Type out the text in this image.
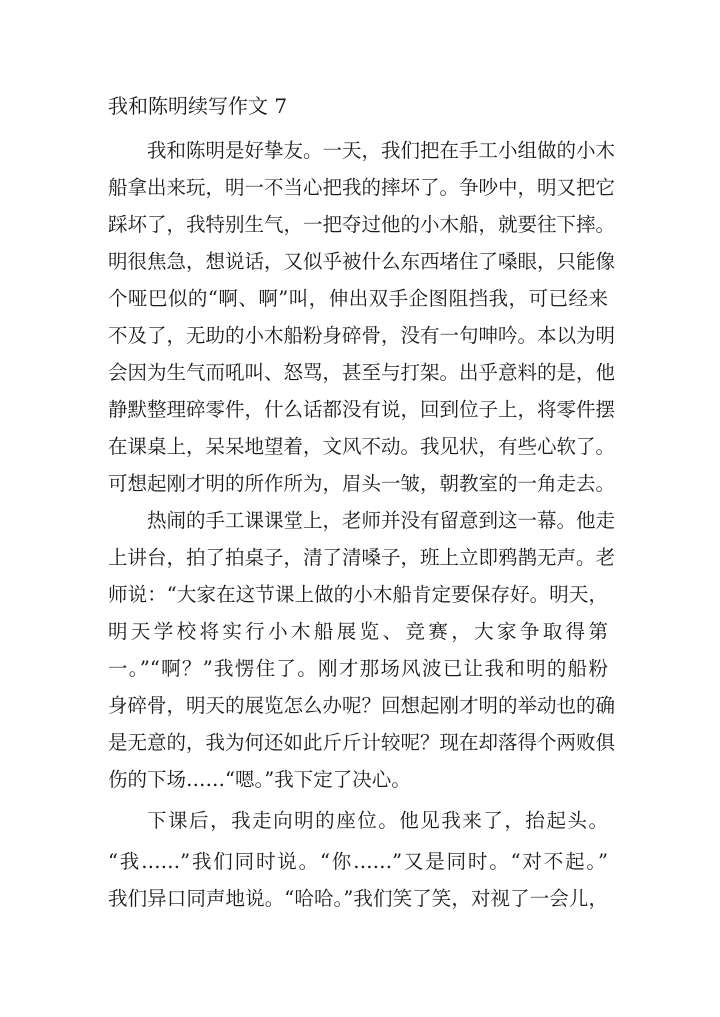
我和陈明续写作文 7
我和陈明是好挚友。一天，我们把在手工小组做的小木
船拿出来玩，明一不当心把我的摔坏了。争吵中，明又把它
踩坏了，我特别生气，一把夺过他的小木船，就要往下摔。
明很焦急，想说话，又似乎被什么东西堵住了嗓眼，只能像
个哑巴似的“啊、啊”叫，伸出双手企图阻挡我，可已经来
不及了，无助的小木船粉身碎骨，没有一句呻吟。本以为明
会因为生气而吼叫、怒骂，甚至与打架。出乎意料的是，他
静默整理碎零件，什么话都没有说，回到位子上，将零件摆
在课桌上，呆呆地望着，文风不动。我见状，有些心软了。
可想起刚才明的所作所为，眉头一皱，朝教室的一角走去。
热闹的手工课课堂上，老师并没有留意到这一幕。他走
上讲台，拍了拍桌子，清了清嗓子，班上立即鸦鹊无声。老
师说：“大家在这节课上做的小木船肯定要保存好。明天，
明天学校将实行小木船展览、竞赛，大家争取得第
一。”“啊？”我愣住了。刚才那场风波已让我和明的船粉
身碎骨，明天的展览怎么办呢？回想起刚才明的举动也的确
是无意的，我为何还如此斤斤计较呢？现在却落得个两败俱
伤的下场……“嗯。”我下定了决心。
下课后，我走向明的座位。他见我来了，抬起头。
“我……”我们同时说。“你……”又是同时。“对不起。”
我们异口同声地说。“哈哈。”我们笑了笑，对视了一会儿，
